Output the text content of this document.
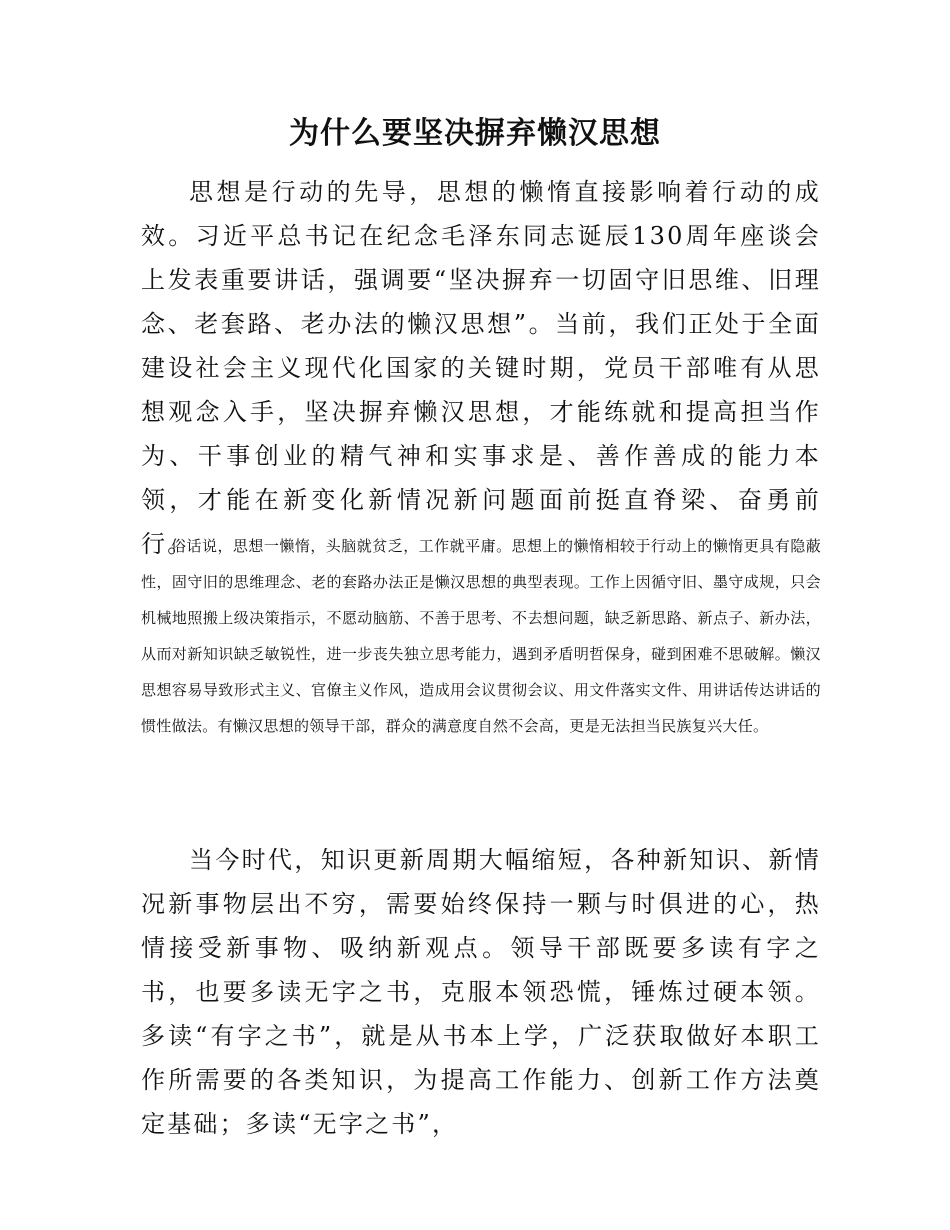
为什么要坚决摒弃懒汉思想

思想是行动的先导，思想的懒惰直接影响着行动的成效。习近平总书记在纪念毛泽东同志诞辰130周年座谈会上发表重要讲话，强调要“坚决摒弃一切固守旧思维、旧理念、老套路、老办法的懒汉思想”。当前，我们正处于全面建设社会主义现代化国家的关键时期，党员干部唯有从思想观念入手，坚决摒弃懒汉思想，才能练就和提高担当作为、干事创业的精气神和实事求是、善作善成的能力本领，才能在新变化新情况新问题面前挺直脊梁、奋勇前行。

俗话说，思想一懒惰，头脑就贫乏，工作就平庸。思想上的懒惰相较于行动上的懒惰更具有隐蔽性，固守旧的思维理念、老的套路办法正是懒汉思想的典型表现。工作上因循守旧、墨守成规，只会机械地照搬上级决策指示，不愿动脑筋、不善于思考、不去想问题，缺乏新思路、新点子、新办法，从而对新知识缺乏敏锐性，进一步丧失独立思考能力，遇到矛盾明哲保身，碰到困难不思破解。懒汉思想容易导致形式主义、官僚主义作风，造成用会议贯彻会议、用文件落实文件、用讲话传达讲话的惯性做法。有懒汉思想的领导干部，群众的满意度自然不会高，更是无法担当民族复兴大任。

当今时代，知识更新周期大幅缩短，各种新知识、新情况新事物层出不穷，需要始终保持一颗与时俱进的心，热情接受新事物、吸纳新观点。领导干部既要多读有字之书，也要多读无字之书，克服本领恐慌，锤炼过硬本领。多读“有字之书”，就是从书本上学，广泛获取做好本职工作所需要的各类知识，为提高工作能力、创新工作方法奠定基础；多读“无字之书”，
